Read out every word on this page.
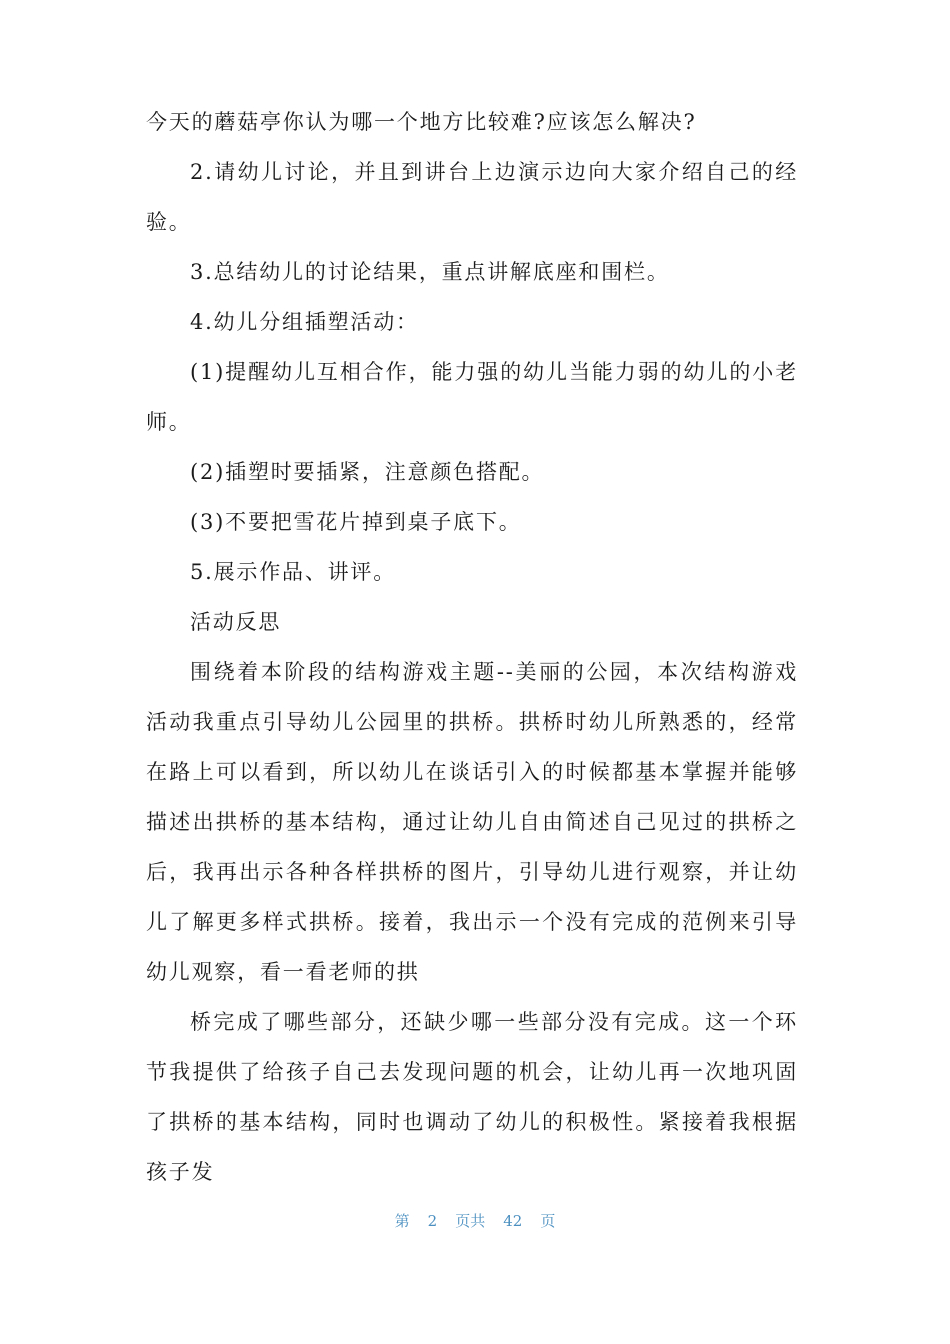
今天的蘑菇亭你认为哪一个地方比较难?应该怎么解决?

2.请幼儿讨论，并且到讲台上边演示边向大家介绍自己的经验。

3.总结幼儿的讨论结果，重点讲解底座和围栏。

4.幼儿分组插塑活动：

(1)提醒幼儿互相合作，能力强的幼儿当能力弱的幼儿的小老师。

(2)插塑时要插紧，注意颜色搭配。

(3)不要把雪花片掉到桌子底下。

5.展示作品、讲评。

活动反思

围绕着本阶段的结构游戏主题--美丽的公园，本次结构游戏活动我重点引导幼儿公园里的拱桥。拱桥时幼儿所熟悉的，经常在路上可以看到，所以幼儿在谈话引入的时候都基本掌握并能够描述出拱桥的基本结构，通过让幼儿自由简述自己见过的拱桥之后，我再出示各种各样拱桥的图片，引导幼儿进行观察，并让幼儿了解更多样式拱桥。接着，我出示一个没有完成的范例来引导幼儿观察，看一看老师的拱

桥完成了哪些部分，还缺少哪一些部分没有完成。这一个环节我提供了给孩子自己去发现问题的机会，让幼儿再一次地巩固了拱桥的基本结构，同时也调动了幼儿的积极性。紧接着我根据孩子发

第 2 页共 42 页
